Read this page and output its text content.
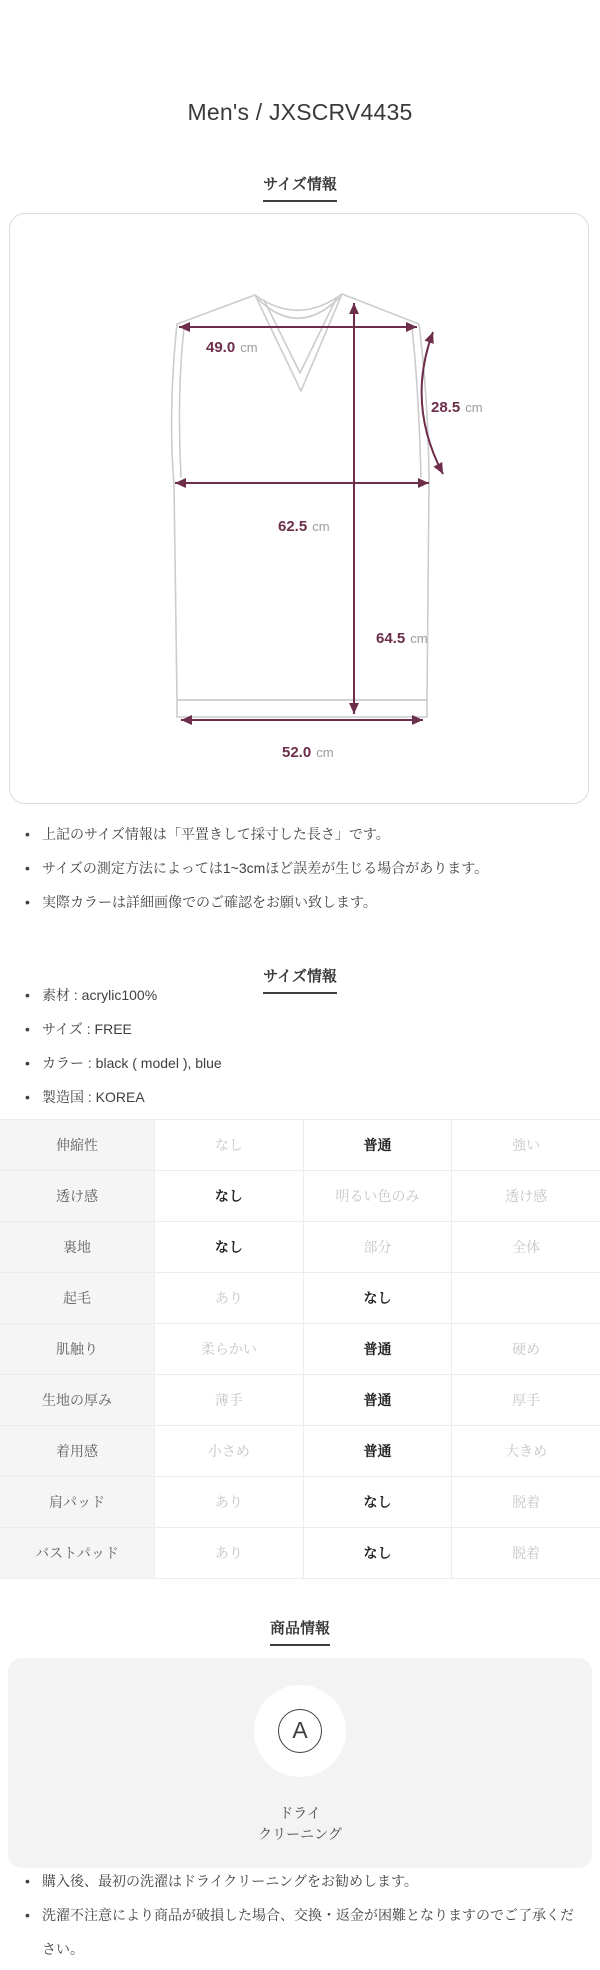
Men's / JXSCRV4435
サイズ情報
49.0 cm
28.5 cm
62.5 cm
64.5 cm
52.0 cm
• 上記のサイズ情報は「平置きして採寸した長さ」です。
• サイズの測定方法によっては1~3cmほど誤差が生じる場合があります。
• 実際カラーは詳細画像でのご確認をお願い致します。
サイズ情報
• 素材 : acrylic100%
• サイズ : FREE
• カラー : black ( model ), blue
• 製造国 : KOREA
伸縮性	なし	普通	強い
透け感	なし	明るい色のみ	透け感
裏地	なし	部分	全体
起毛	あり	なし
肌触り	柔らかい	普通	硬め
生地の厚み	薄手	普通	厚手
着用感	小さめ	普通	大きめ
肩パッド	あり	なし	脱着
バストパッド	あり	なし	脱着
商品情報
A
ドライ
クリーニング
• 購入後、最初の洗濯はドライクリーニングをお勧めします。
• 洗濯不注意により商品が破損した場合、交換・返金が困難となりますのでご了承ください。
